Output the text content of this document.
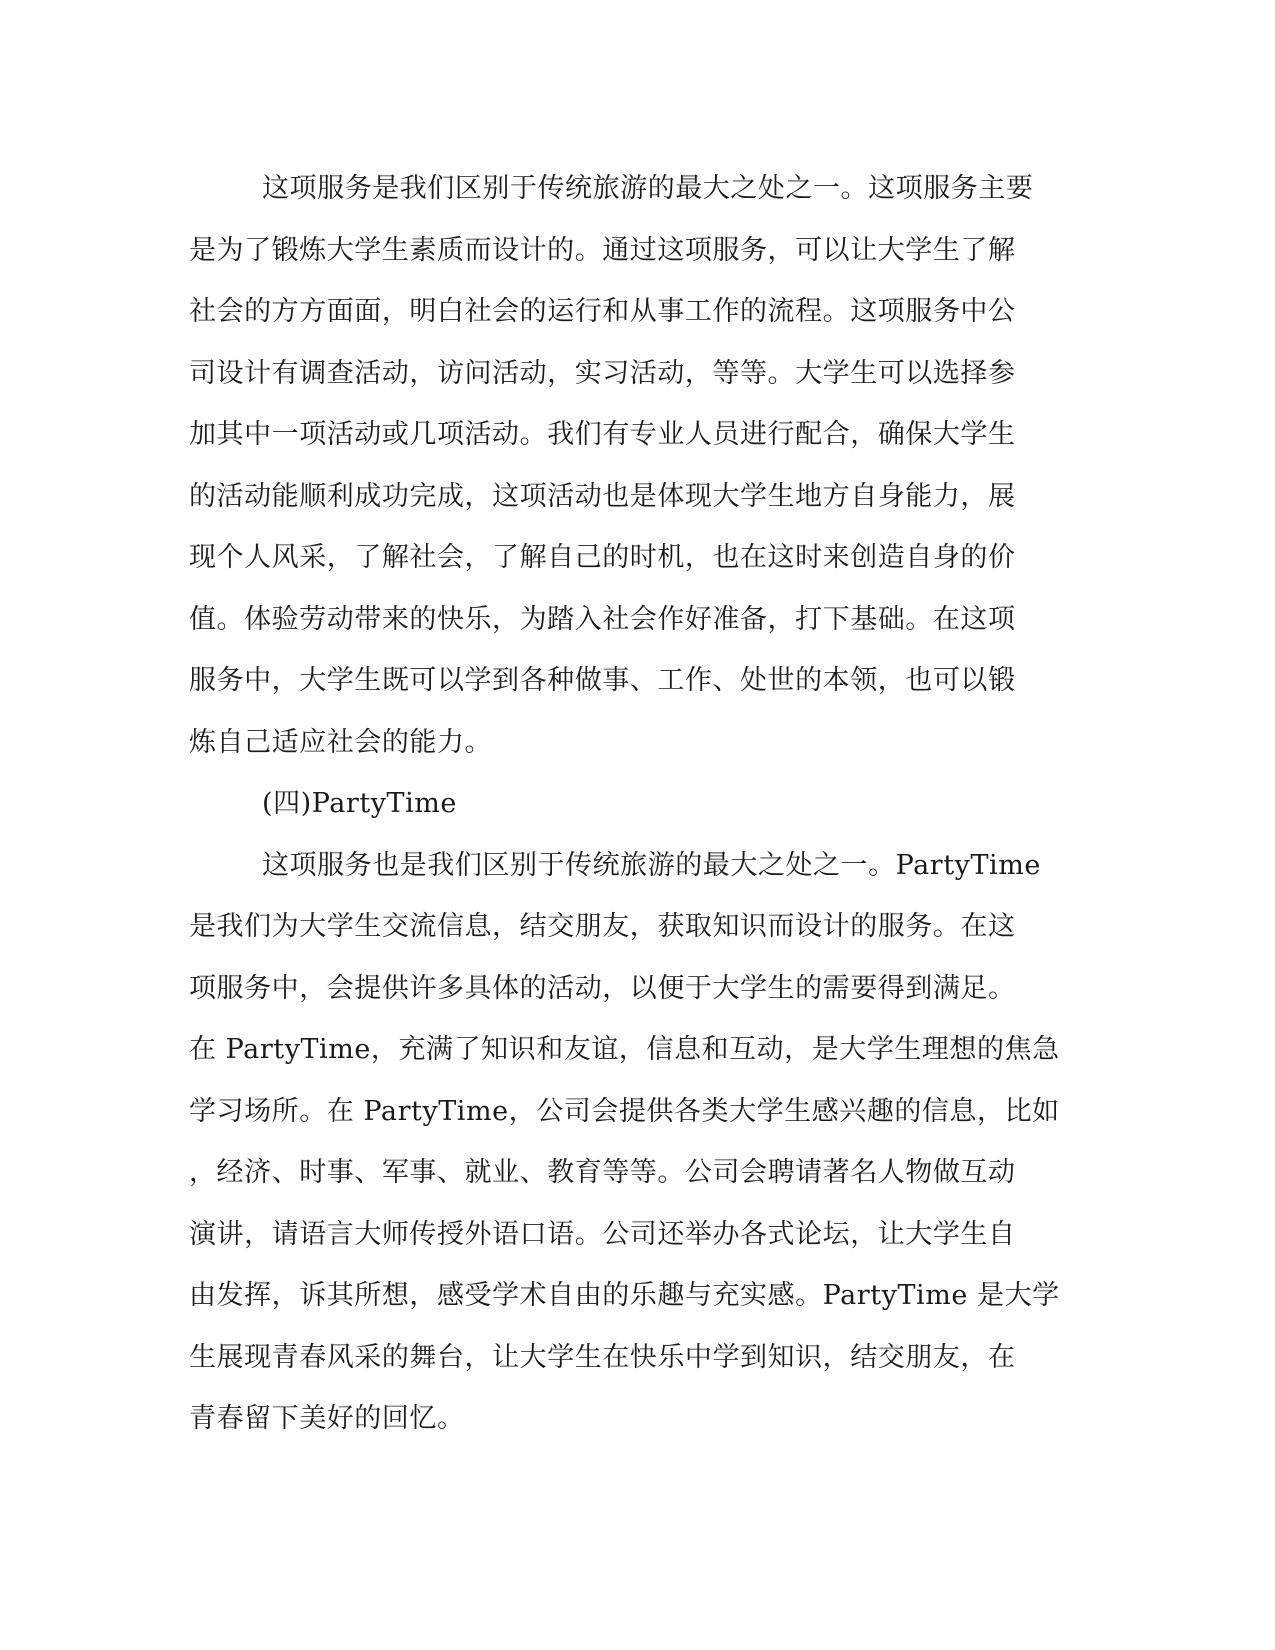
这项服务是我们区别于传统旅游的最大之处之一。这项服务主要
是为了锻炼大学生素质而设计的。通过这项服务，可以让大学生了解
社会的方方面面，明白社会的运行和从事工作的流程。这项服务中公
司设计有调查活动，访问活动，实习活动，等等。大学生可以选择参
加其中一项活动或几项活动。我们有专业人员进行配合，确保大学生
的活动能顺利成功完成，这项活动也是体现大学生地方自身能力，展
现个人风采，了解社会，了解自己的时机，也在这时来创造自身的价
值。体验劳动带来的快乐，为踏入社会作好准备，打下基础。在这项
服务中，大学生既可以学到各种做事、工作、处世的本领，也可以锻
炼自己适应社会的能力。
(四)PartyTime
这项服务也是我们区别于传统旅游的最大之处之一。PartyTime
是我们为大学生交流信息，结交朋友，获取知识而设计的服务。在这
项服务中，会提供许多具体的活动，以便于大学生的需要得到满足。
在 PartyTime，充满了知识和友谊，信息和互动，是大学生理想的焦急
学习场所。在 PartyTime，公司会提供各类大学生感兴趣的信息，比如
，经济、时事、军事、就业、教育等等。公司会聘请著名人物做互动
演讲，请语言大师传授外语口语。公司还举办各式论坛，让大学生自
由发挥，诉其所想，感受学术自由的乐趣与充实感。PartyTime 是大学
生展现青春风采的舞台，让大学生在快乐中学到知识，结交朋友，在
青春留下美好的回忆。
